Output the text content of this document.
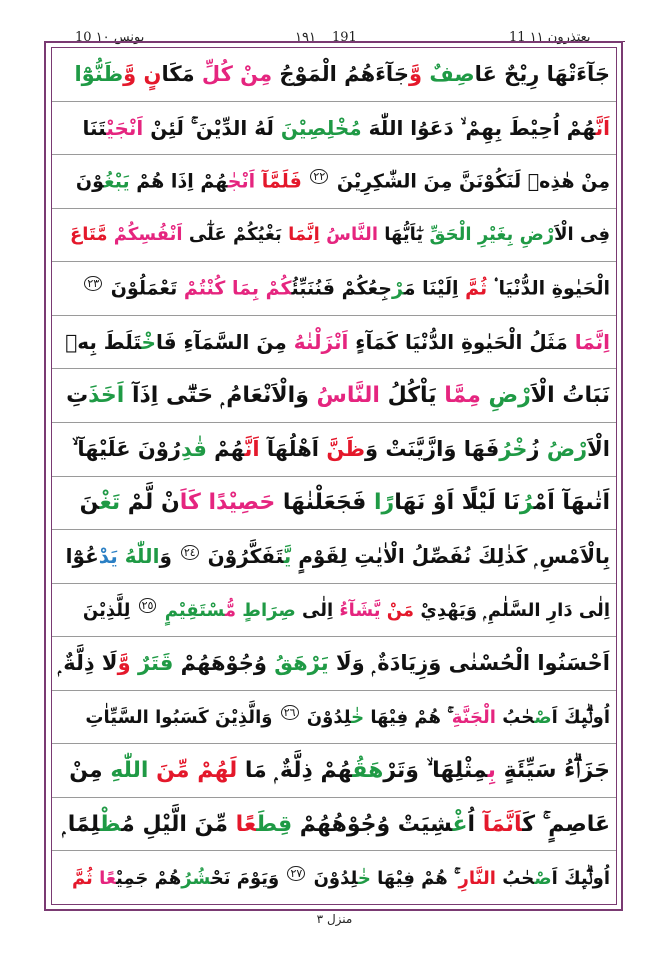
10 يونس ١٠	١٩١ 191	11 يعتذرون ١١
جَآءَتْهَا رِيْحٌ عَاصِفٌ وَّجَآءَهُمُ الْمَوْجُ مِنْ كُلِّ مَكَانٍ وَّظَنُّوْٓا
اَنَّهُمْ اُحِيْطَ بِهِمْ ۙ دَعَوُا اللّٰهَ مُخْلِصِيْنَ لَهُ الدِّيْنَ ۚ لَئِنْ اَنْجَيْتَنَا
مِنْ هٰذِهٖ لَنَكُوْنَنَّ مِنَ الشّٰكِرِيْنَ $^{٢٢}$ فَلَمَّآ اَنْجٰهُمْ اِذَا هُمْ يَبْغُوْنَ
فِى الْاَرْضِ بِغَيْرِ الْحَقِّ يٰٓاَيُّهَا النَّاسُ اِنَّمَا بَغْيُكُمْ عَلٰٓى اَنْفُسِكُمْ مَّتَاعَ
الْحَيٰوةِ الدُّنْيَا ۟ ثُمَّ اِلَيْنَا مَرْجِعُكُمْ فَنُنَبِّئُكُمْ بِمَا كُنْتُمْ تَعْمَلُوْنَ $^{٢٣}$
اِنَّمَا مَثَلُ الْحَيٰوةِ الدُّنْيَا كَمَآءٍ اَنْزَلْنٰهُ مِنَ السَّمَآءِ فَاخْتَلَطَ بِهٖ
نَبَاتُ الْاَرْضِ مِمَّا يَاْكُلُ النَّاسُ وَالْاَنْعَامُ ۭ حَتّٰٓى اِذَآ اَخَذَتِ
الْاَرْضُ زُخْرُفَهَا وَازَّيَّنَتْ وَظَنَّ اَهْلُهَآ اَنَّهُمْ قٰدِرُوْنَ عَلَيْهَآ ۙ
اَتٰىهَآ اَمْرُنَا لَيْلًا اَوْ نَهَارًا فَجَعَلْنٰهَا حَصِيْدًا كَاَنْ لَّمْ تَغْنَ
بِالْاَمْسِ ۭ كَذٰلِكَ نُفَصِّلُ الْاٰيٰتِ لِقَوْمٍ يَّتَفَكَّرُوْنَ $^{٢٤}$ وَاللّٰهُ يَدْعُوْٓا
اِلٰى دَارِ السَّلٰمِ ۭ وَيَهْدِيْ مَنْ يَّشَآءُ اِلٰى صِرَاطٍ مُّسْتَقِيْمٍ $^{٢٥}$ لِلَّذِيْنَ
اَحْسَنُوا الْحُسْنٰى وَزِيَادَةٌ ۭ وَلَا يَرْهَقُ وُجُوْهَهُمْ قَتَرٌ وَّلَا ذِلَّةٌ ۭ
اُولٰۗىِٕكَ اَصْحٰبُ الْجَنَّةِ ۚ هُمْ فِيْهَا خٰلِدُوْنَ $^{٢٦}$ وَالَّذِيْنَ كَسَبُوا السَّيِّاٰتِ
جَزَاۗءُ سَيِّئَةٍ بِمِثْلِهَا ۙ وَتَرْهَقُهُمْ ذِلَّةٌ ۭ مَا لَهُمْ مِّنَ اللّٰهِ مِنْ
عَاصِمٍ ۚ كَاَنَّمَآ اُغْشِيَتْ وُجُوْهُهُمْ قِطَعًا مِّنَ الَّيْلِ مُظْلِمًا ۭ
اُولٰۗىِٕكَ اَصْحٰبُ النَّارِ ۚ هُمْ فِيْهَا خٰلِدُوْنَ $^{٢٧}$ وَيَوْمَ نَحْشُرُهُمْ جَمِيْعًا ثُمَّ
منزل ٣
